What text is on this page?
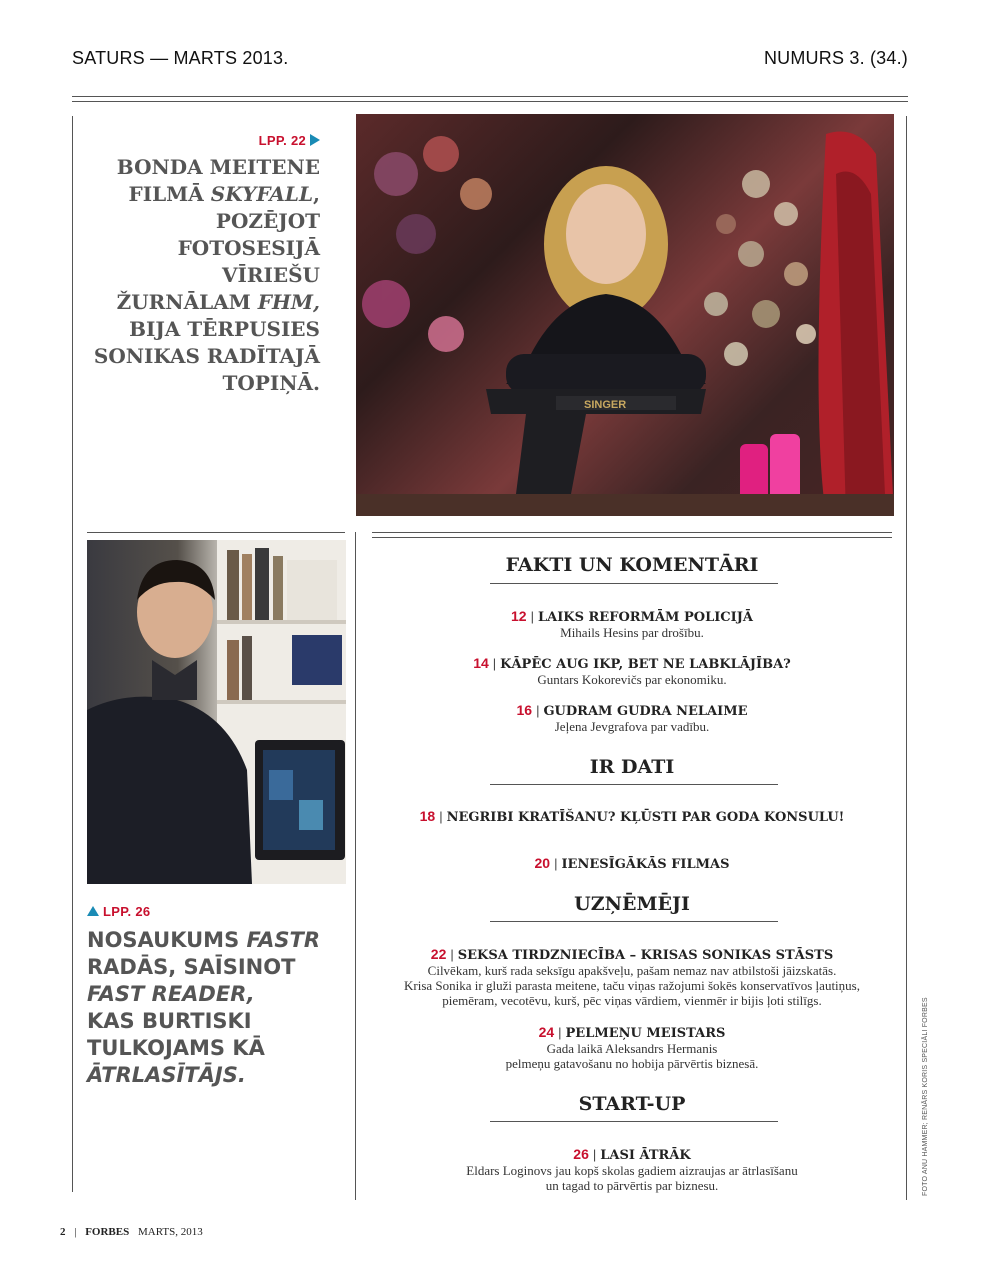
SATURS — MARTS 2013.	NUMURS 3. (34.)
LPP. 22
BONDA MEITENE
FILMĀ SKYFALL,
POZĒJOT
FOTOSESIJĀ
VĪRIEŠU
ŽURNĀLAM FHM,
BIJA TĒRPUSIES
SONIKAS RADĪTAJĀ
TOPIŅĀ.
SINGER
LPP. 26
NOSAUKUMS FASTR
RADĀS, SAĪSINOT
FAST READER,
KAS BURTISKI
TULKOJAMS KĀ
ĀTRLASĪTĀJS.
FAKTI UN KOMENTĀRI
12 | LAIKS REFORMĀM POLICIJĀ
Mihails Hesins par drošību.
14 | KĀPĒC AUG IKP, BET NE LABKLĀJĪBA?
Guntars Kokorevičs par ekonomiku.
16 | GUDRAM GUDRA NELAIME
Jeļena Jevgrafova par vadību.
IR DATI
18 | NEGRIBI KRATĪŠANU? KĻŪSTI PAR GODA KONSULU!
20 | IENESĪGĀKĀS FILMAS
UZŅĒMĒJI
22 | SEKSA TIRDZNIECĪBA – KRISAS SONIKAS STĀSTS
Cilvēkam, kurš rada seksīgu apakšveļu, pašam nemaz nav atbilstoši jāizskatās.
Krisa Sonika ir gluži parasta meitene, taču viņas ražojumi šokēs konservatīvos ļautiņus,
piemēram, vecotēvu, kurš, pēc viņas vārdiem, vienmēr ir bijis ļoti stilīgs.
24 | PELMEŅU MEISTARS
Gada laikā Aleksandrs Hermanis
pelmeņu gatavošanu no hobija pārvērtis biznesā.
START-UP
26 | LASI ĀTRĀK
Eldars Loginovs jau kopš skolas gadiem aizraujas ar ātrlasīšanu
un tagad to pārvērtis par biznesu.	FOTO ANU HAMMER; RENĀRS KORIS SPECIĀLI FORBES
2 | FORBES MARTS, 2013
